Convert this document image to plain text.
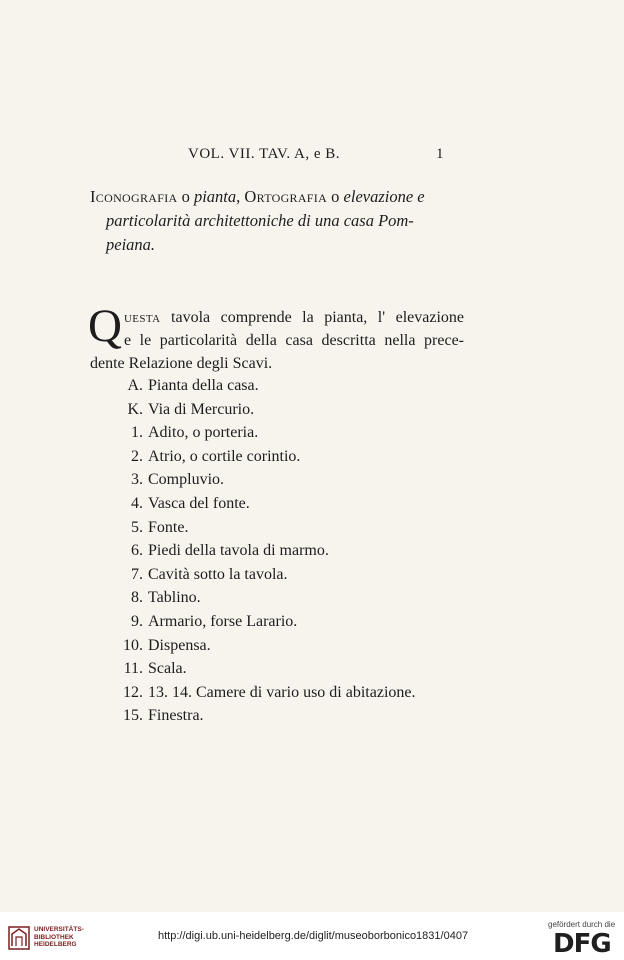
VOL. VII. TAV. A, e B.	1
Iconografia o pianta, Ortografia o elevazione e
particolarità architettoniche di una casa Pom-
peiana.
Q uesta tavola comprende la pianta, l' elevazione
e le particolarità della casa descritta nella prece-
dente Relazione degli Scavi.
A. Pianta della casa.
K. Via di Mercurio.
1. Adito, o porteria.
2. Atrio, o cortile corintio.
3. Compluvio.
4. Vasca del fonte.
5. Fonte.
6. Piedi della tavola di marmo.
7. Cavità sotto la tavola.
8. Tablino.
9. Armario, forse Larario.
10. Dispensa.
11. Scala.
12. 13. 14. Camere di vario uso di abitazione.
15. Finestra.
UNIVERSITÄTS-
BIBLIOTHEK
HEIDELBERG
http://digi.ub.uni-heidelberg.de/diglit/museoborbonico1831/0407
gefördert durch die
DFG
